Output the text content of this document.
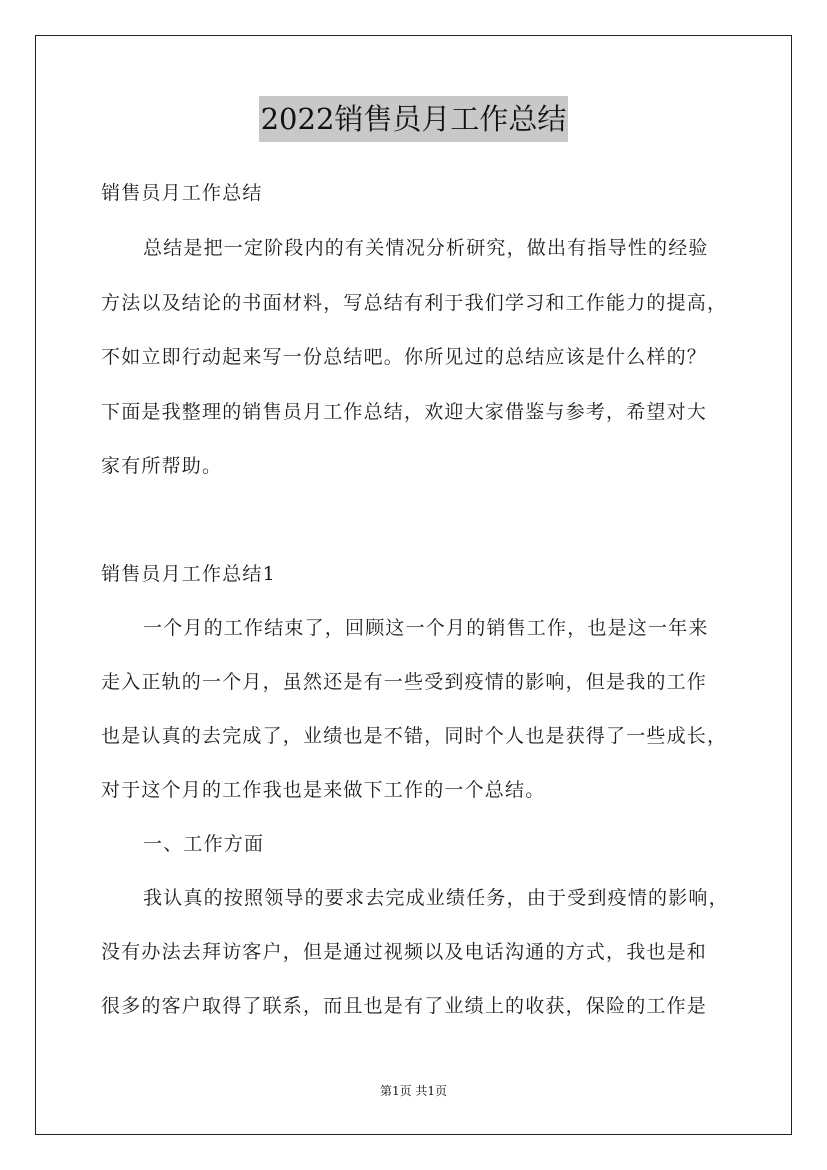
2022销售员月工作总结
销售员月工作总结
总结是把一定阶段内的有关情况分析研究，做出有指导性的经验
方法以及结论的书面材料，写总结有利于我们学习和工作能力的提高，
不如立即行动起来写一份总结吧。你所见过的总结应该是什么样的？
下面是我整理的销售员月工作总结，欢迎大家借鉴与参考，希望对大
家有所帮助。
销售员月工作总结1
一个月的工作结束了，回顾这一个月的销售工作，也是这一年来
走入正轨的一个月，虽然还是有一些受到疫情的影响，但是我的工作
也是认真的去完成了，业绩也是不错，同时个人也是获得了一些成长，
对于这个月的工作我也是来做下工作的一个总结。
一、工作方面
我认真的按照领导的要求去完成业绩任务，由于受到疫情的影响，
没有办法去拜访客户，但是通过视频以及电话沟通的方式，我也是和
很多的客户取得了联系，而且也是有了业绩上的收获，保险的工作是
第1页 共1页
